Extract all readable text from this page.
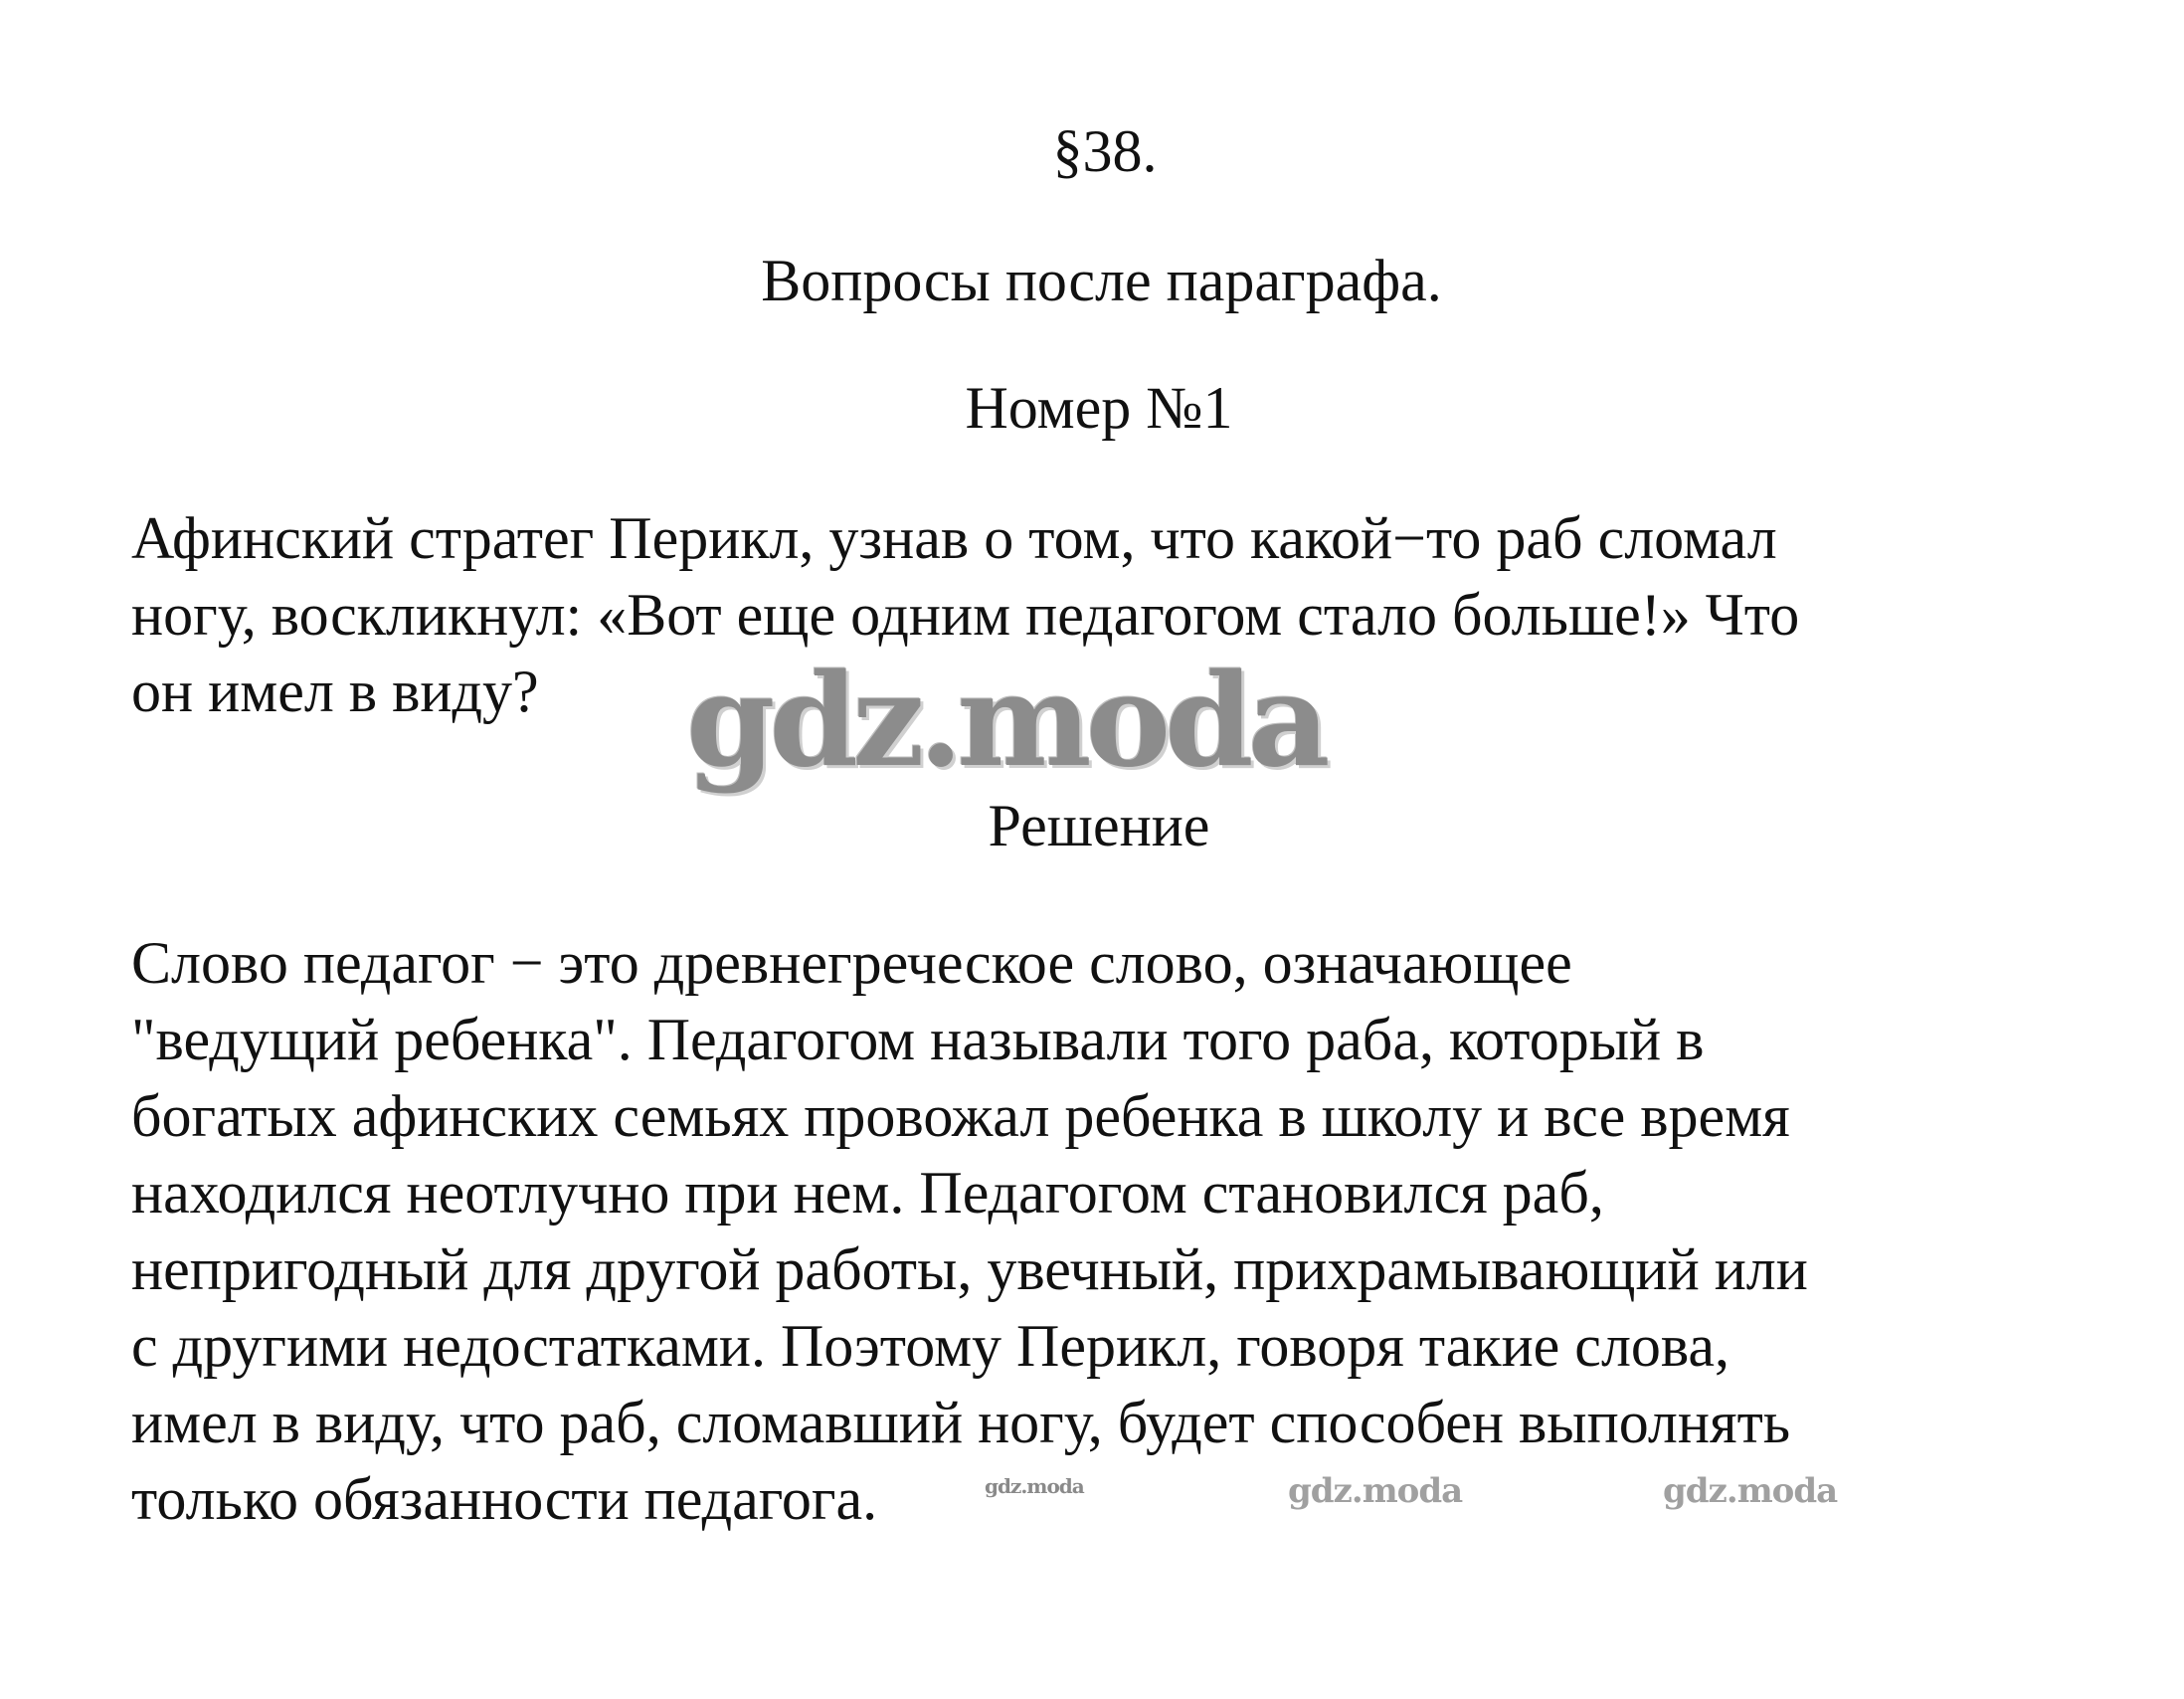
§38.
Вопросы после параграфа.
Номер №1
Афинский стратег Перикл, узнав о том, что какой−то раб сломал
ногу, воскликнул: «Вот еще одним педагогом стало больше!» Что
он имел в виду?	gdz.moda
Решение
Слово педагог − это древнегреческое слово, означающее
"ведущий ребенка". Педагогом называли того раба, который в
богатых афинских семьях провожал ребенка в школу и все время
находился неотлучно при нем. Педагогом становился раб,
непригодный для другой работы, увечный, прихрамывающий или
с другими недостатками. Поэтому Перикл, говоря такие слова,
имел в виду, что раб, сломавший ногу, будет способен выполнять
только обязанности педагога.	gdz.moda	gdz.moda	gdz.moda
